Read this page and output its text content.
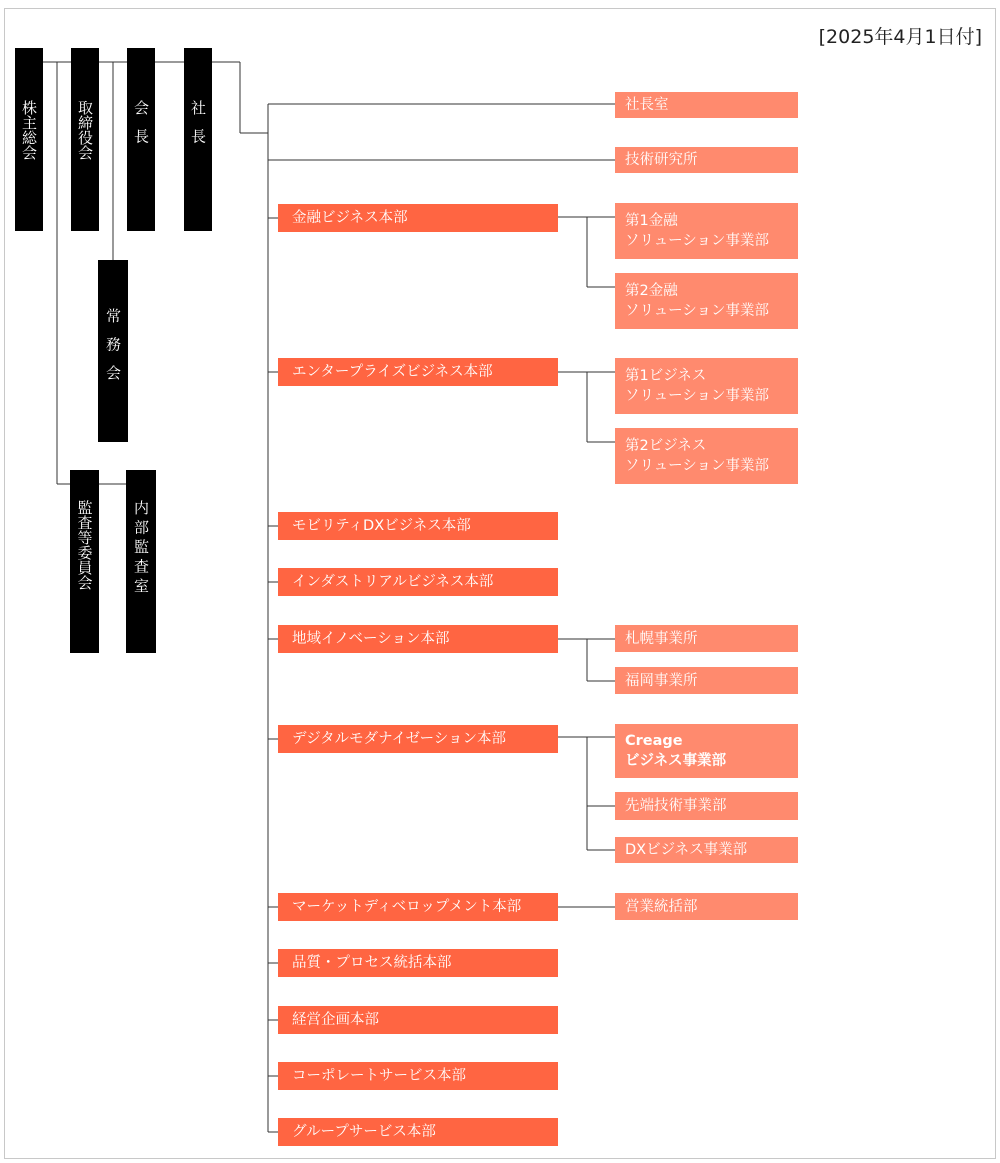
[2025年4月1日付]
株主総会	取締役会	会長	社長
常務会
監査等委員会	内部監査室
社長室
技術研究所
金融ビジネス本部
エンタープライズビジネス本部
モビリティDXビジネス本部
インダストリアルビジネス本部
地域イノベーション本部
デジタルモダナイゼーション本部
マーケットディベロップメント本部
品質・プロセス統括本部
経営企画本部
コーポレートサービス本部
グループサービス本部
第1金融
ソリューション事業部
第2金融
ソリューション事業部
第1ビジネス
ソリューション事業部
第2ビジネス
ソリューション事業部
札幌事業所
福岡事業所
Creage
ビジネス事業部
先端技術事業部
DXビジネス事業部
営業統括部
